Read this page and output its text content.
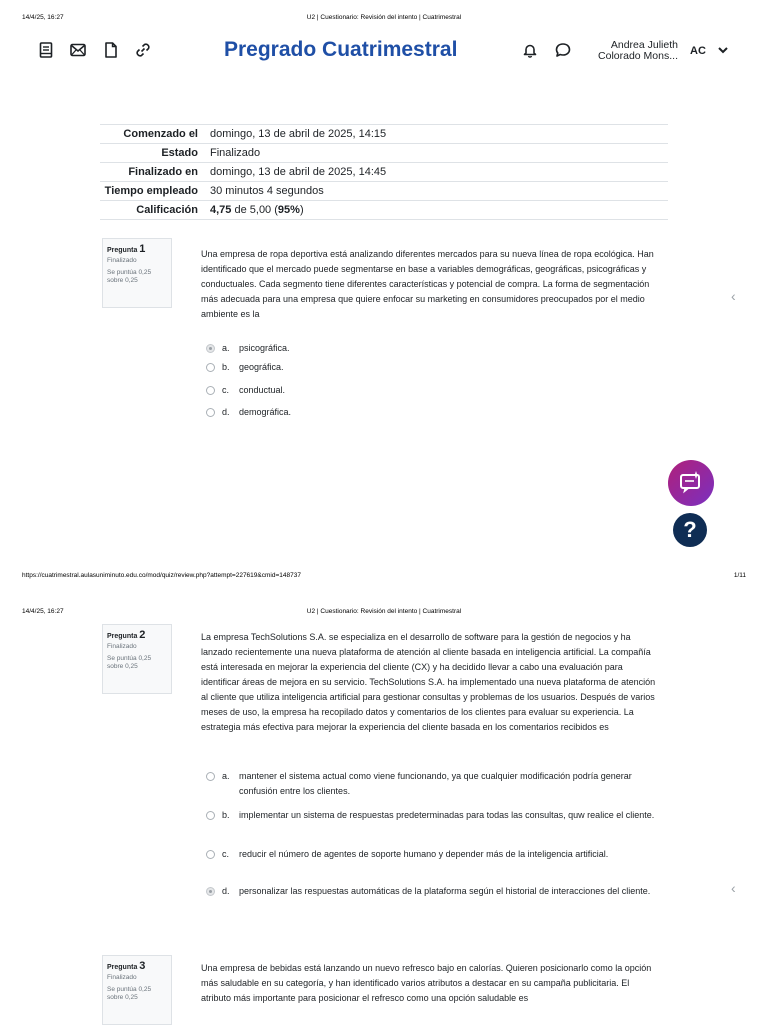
14/4/25, 16:27	U2 | Cuestionario: Revisión del intento | Cuatrimestral
Pregrado Cuatrimestral	Andrea Julieth
Colorado Mons... AC
Comenzado el	domingo, 13 de abril de 2025, 14:15
Estado	Finalizado
Finalizado en	domingo, 13 de abril de 2025, 14:45
Tiempo empleado	30 minutos 4 segundos
Calificación	4,75 de 5,00 (95%)
Pregunta 1
Finalizado
Se puntúa 0,25
sobre 0,25
Una empresa de ropa deportiva está analizando diferentes mercados para su nueva línea de ropa ecológica. Han identificado que el mercado puede segmentarse en base a variables demográficas, geográficas, psicográficas y conductuales. Cada segmento tiene diferentes características y potencial de compra. La forma de segmentación más adecuada para una empresa que quiere enfocar su marketing en consumidores preocupados por el medio ambiente es la
a.	psicográfica.
b.	geográfica.
c.	conductual.
d.	demográfica.
‹
?
https://cuatrimestral.aulasuniminuto.edu.co/mod/quiz/review.php?attempt=227619&cmid=148737	1/11
14/4/25, 16:27	U2 | Cuestionario: Revisión del intento | Cuatrimestral
Pregunta 2
Finalizado
Se puntúa 0,25
sobre 0,25
La empresa TechSolutions S.A. se especializa en el desarrollo de software para la gestión de negocios y ha lanzado recientemente una nueva plataforma de atención al cliente basada en inteligencia artificial. La compañía está interesada en mejorar la experiencia del cliente (CX) y ha decidido llevar a cabo una evaluación para identificar áreas de mejora en su servicio. TechSolutions S.A. ha implementado una nueva plataforma de atención al cliente que utiliza inteligencia artificial para gestionar consultas y problemas de los usuarios. Después de varios meses de uso, la empresa ha recopilado datos y comentarios de los clientes para evaluar su experiencia. La estrategia más efectiva para mejorar la experiencia del cliente basada en los comentarios recibidos es
a.	mantener el sistema actual como viene funcionando, ya que cualquier modificación podría generar confusión entre los clientes.
b.	implementar un sistema de respuestas predeterminadas para todas las consultas, quw realice el cliente.
c.	reducir el número de agentes de soporte humano y depender más de la inteligencia artificial.
d.	personalizar las respuestas automáticas de la plataforma según el historial de interacciones del cliente.	‹
Pregunta 3
Finalizado
Se puntúa 0,25
sobre 0,25
Una empresa de bebidas está lanzando un nuevo refresco bajo en calorías. Quieren posicionarlo como la opción más saludable en su categoría, y han identificado varios atributos a destacar en su campaña publicitaria. El atributo más importante para posicionar el refresco como una opción saludable es
